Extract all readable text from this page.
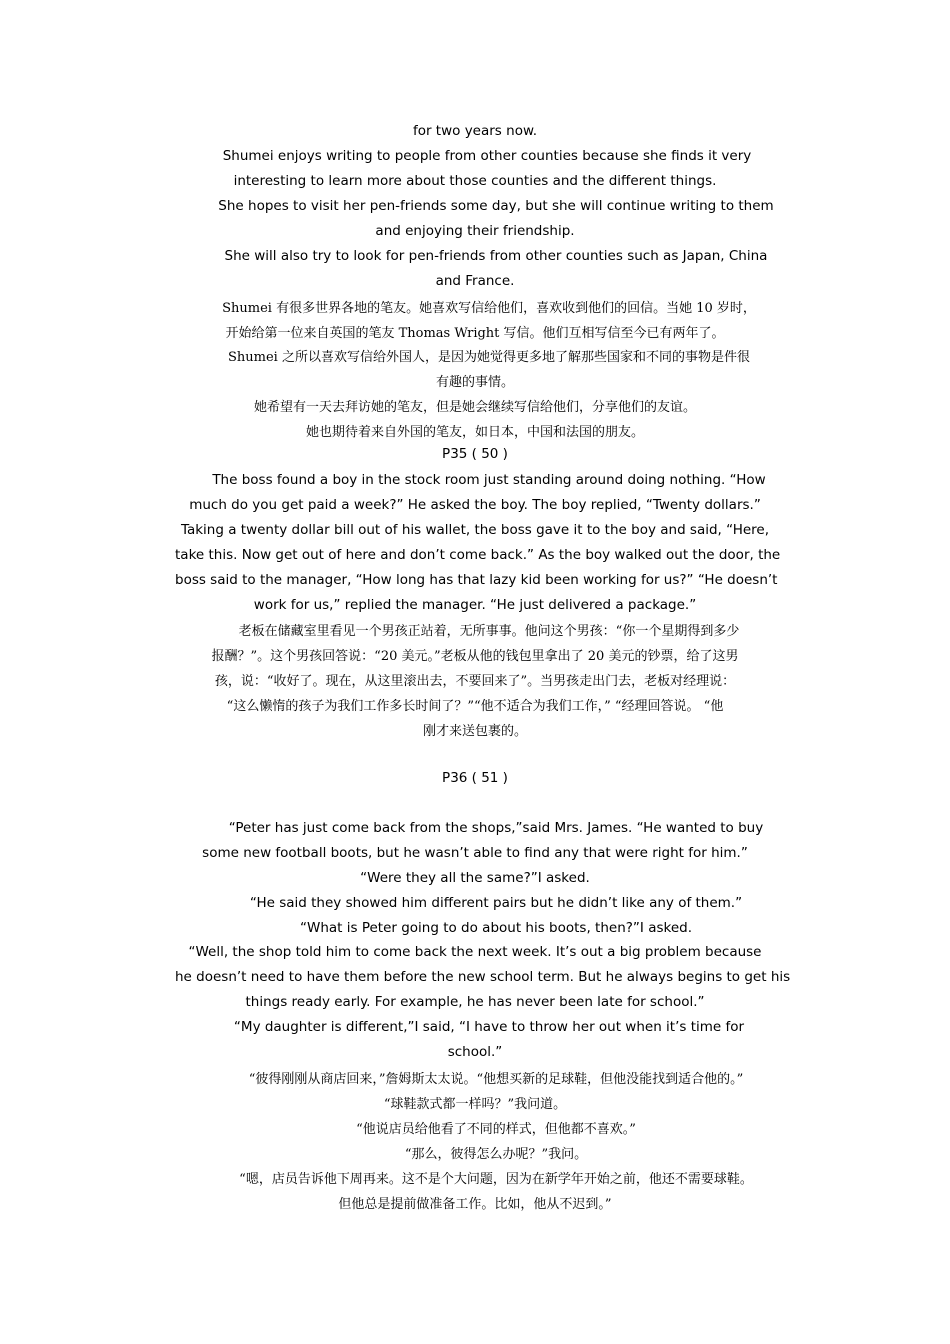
for two years now.
Shumei enjoys writing to people from other counties because she finds it very
interesting to learn more about those counties and the different things.
She hopes to visit her pen-friends some day, but she will continue writing to them
and enjoying their friendship.
She will also try to look for pen-friends from other counties such as Japan, China
and France.
Shumei 有很多世界各地的笔友。她喜欢写信给他们，喜欢收到他们的回信。当她 10 岁时，
开始给第一位来自英国的笔友 Thomas Wright 写信。他们互相写信至今已有两年了。
Shumei 之所以喜欢写信给外国人，是因为她觉得更多地了解那些国家和不同的事物是件很
有趣的事情。
她希望有一天去拜访她的笔友，但是她会继续写信给他们，分享他们的友谊。
她也期待着来自外国的笔友，如日本，中国和法国的朋友。
P35 ( 50 )
The boss found a boy in the stock room just standing around doing nothing. “How
much do you get paid a week?” He asked the boy. The boy replied, “Twenty dollars.”
Taking a twenty dollar bill out of his wallet, the boss gave it to the boy and said, “Here,
take this. Now get out of here and don’t come back.” As the boy walked out the door, the
boss said to the manager, “How long has that lazy kid been working for us?” “He doesn’t
work for us,” replied the manager. “He just delivered a package.”
老板在储藏室里看见一个男孩正站着，无所事事。他问这个男孩：“你一个星期得到多少
报酬？”。这个男孩回答说：“20 美元。”老板从他的钱包里拿出了 20 美元的钞票，给了这男
孩，说：“收好了。现在，从这里滚出去，不要回来了”。当男孩走出门去，老板对经理说：
“这么懒惰的孩子为我们工作多长时间了？”“他不适合为我们工作，” “经理回答说。 “他
刚才来送包裹的。
P36 ( 51 )
“Peter has just come back from the shops,”said Mrs. James. “He wanted to buy
some new football boots, but he wasn’t able to find any that were right for him.”
“Were they all the same?”I asked.
“He said they showed him different pairs but he didn’t like any of them.”
“What is Peter going to do about his boots, then?”I asked.
“Well, the shop told him to come back the next week. It’s out a big problem because
he doesn’t need to have them before the new school term. But he always begins to get his
things ready early. For example, he has never been late for school.”
“My daughter is different,”I said, “I have to throw her out when it’s time for
school.”
“彼得刚刚从商店回来，”詹姆斯太太说。“他想买新的足球鞋，但他没能找到适合他的。”
“球鞋款式都一样吗？”我问道。
“他说店员给他看了不同的样式，但他都不喜欢。”
“那么，彼得怎么办呢？”我问。
“嗯，店员告诉他下周再来。这不是个大问题，因为在新学年开始之前，他还不需要球鞋。
但他总是提前做准备工作。比如，他从不迟到。”
